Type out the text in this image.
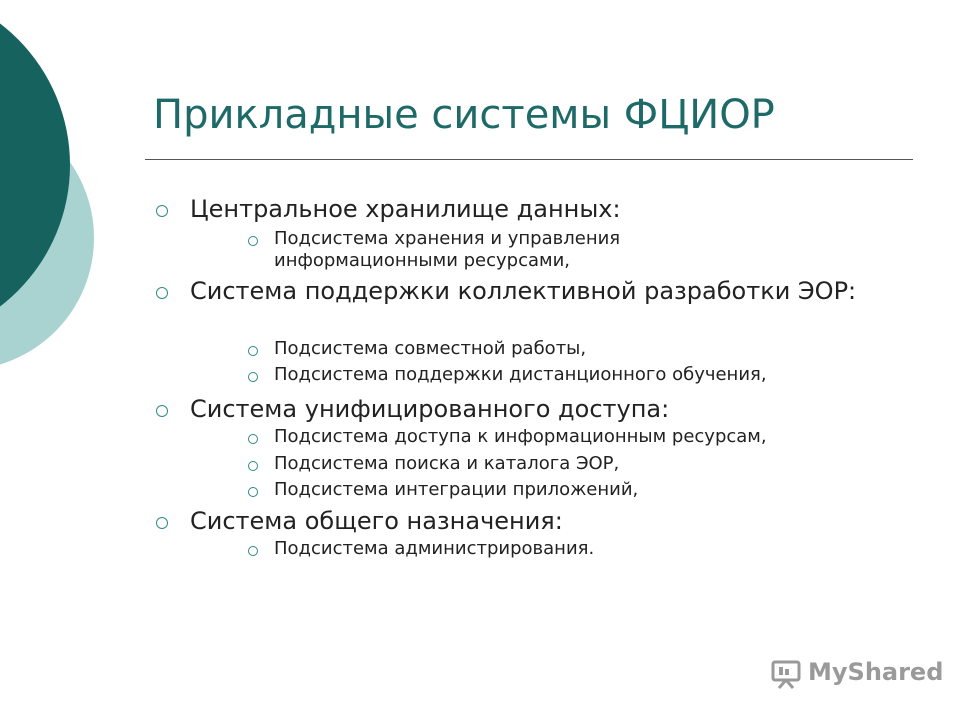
Прикладные системы ФЦИОР
Центральное хранилище данных:
Подсистема хранения и управления информационными ресурсами,
Система поддержки коллективной разработки ЭОР:
Подсистема совместной работы,
Подсистема поддержки дистанционного обучения,
Система унифицированного доступа:
Подсистема доступа к информационным ресурсам,
Подсистема поиска и каталога ЭОР,
Подсистема интеграции приложений,
Система общего назначения:
Подсистема администрирования.
MyShared
